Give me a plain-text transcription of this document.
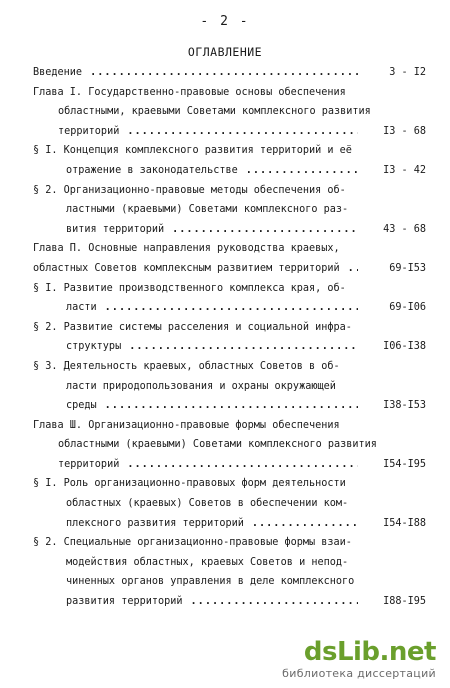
- 2 -
ОГЛАВЛЕНИЕ
Введение .....	3 - I2
Глава I. Государственно-правовые основы обеспечения
областными, краевыми Советами комплексного развития
территорий .....	I3 - 68
§ I. Концепция комплексного развития территорий и её
отражение в законодательстве .....	I3 - 42
§ 2. Организационно-правовые методы обеспечения об-
ластными (краевыми) Советами комплексного раз-
вития территорий .....	43 - 68
Глава П. Основные направления руководства краевых,
областных Советов комплексным развитием территорий .....	69-I53
§ I. Развитие производственного комплекса края, об-
ласти .....	69-I06
§ 2. Развитие системы расселения и социальной инфра-
структуры .....	I06-I38
§ 3. Деятельность краевых, областных Советов в об-
ласти природопользования и охраны окружающей
среды .....	I38-I53
Глава Ш. Организационно-правовые формы обеспечения
областными (краевыми) Советами комплексного развития
территорий .....	I54-I95
§ I. Роль организационно-правовых форм деятельности
областных (краевых) Советов в обеспечении ком-
плексного развития территорий .....	I54-I88
§ 2. Специальные организационно-правовые формы взаи-
модействия областных, краевых Советов и непод-
чиненных органов управления в деле комплексного
развития территорий .....	I88-I95
dsLib.net
библиотека диссертаций
